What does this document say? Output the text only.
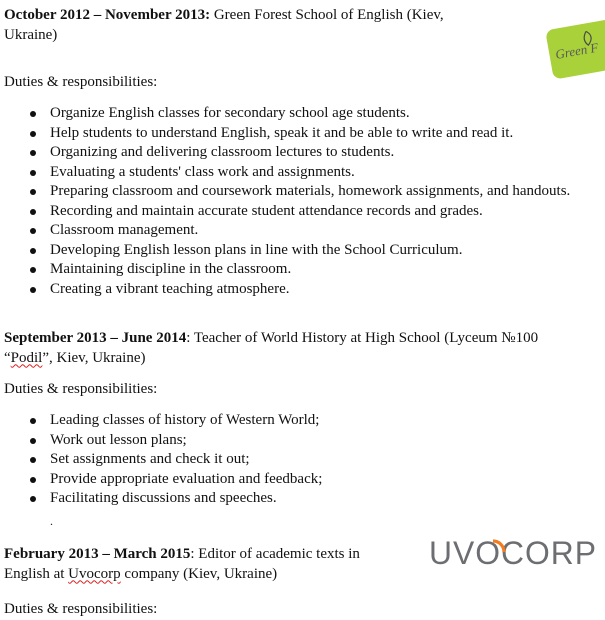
October 2012 – November 2013: Green Forest School of English (Kiev,
Ukraine)

Green F

Duties & responsibilities:

Organize English classes for secondary school age students.
Help students to understand English, speak it and be able to write and read it.
Organizing and delivering classroom lectures to students.
Evaluating a students' class work and assignments.
Preparing classroom and coursework materials, homework assignments, and handouts.
Recording and maintain accurate student attendance records and grades.
Classroom management.
Developing English lesson plans in line with the School Curriculum.
Maintaining discipline in the classroom.
Creating a vibrant teaching atmosphere.

September 2013 – June 2014: Teacher of World History at High School (Lyceum №100
“Podil”, Kiev, Ukraine)

Duties & responsibilities:

Leading classes of history of Western World;
Work out lesson plans;
Set assignments and check it out;
Provide appropriate evaluation and feedback;
Facilitating discussions and speeches.
.

February 2013 – March 2015: Editor of academic texts in
English at Uvocorp company (Kiev, Ukraine)

UVOCORP

Duties & responsibilities:
